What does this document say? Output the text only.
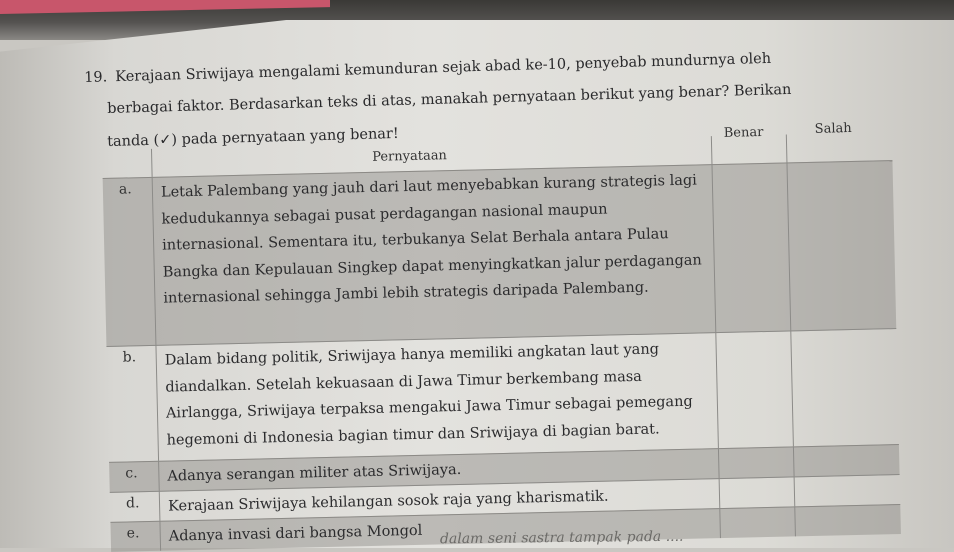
19. Kerajaan Sriwijaya mengalami kemunduran sejak abad ke-10, penyebab mundurnya oleh
berbagai faktor. Berdasarkan teks di atas, manakah pernyataan berikut yang benar? Berikan
tanda (✓) pada pernyataan yang benar!
Pernyataan
Benar	Salah
a. Letak Palembang yang jauh dari laut menyebabkan kurang strategis lagi kedudukannya sebagai pusat perdagangan nasional maupun internasional. Sementara itu, terbukanya Selat Berhala antara Pulau Bangka dan Kepulauan Singkep dapat menyingkatkan jalur perdagangan internasional sehingga Jambi lebih strategis daripada Palembang.
b. Dalam bidang politik, Sriwijaya hanya memiliki angkatan laut yang diandalkan. Setelah kekuasaan di Jawa Timur berkembang masa Airlangga, Sriwijaya terpaksa mengakui Jawa Timur sebagai pemegang hegemoni di Indonesia bagian timur dan Sriwijaya di bagian barat.
c. Adanya serangan militer atas Sriwijaya.
d. Kerajaan Sriwijaya kehilangan sosok raja yang kharismatik.
e. Adanya invasi dari bangsa Mongol	dalam seni sastra tampak pada ....
